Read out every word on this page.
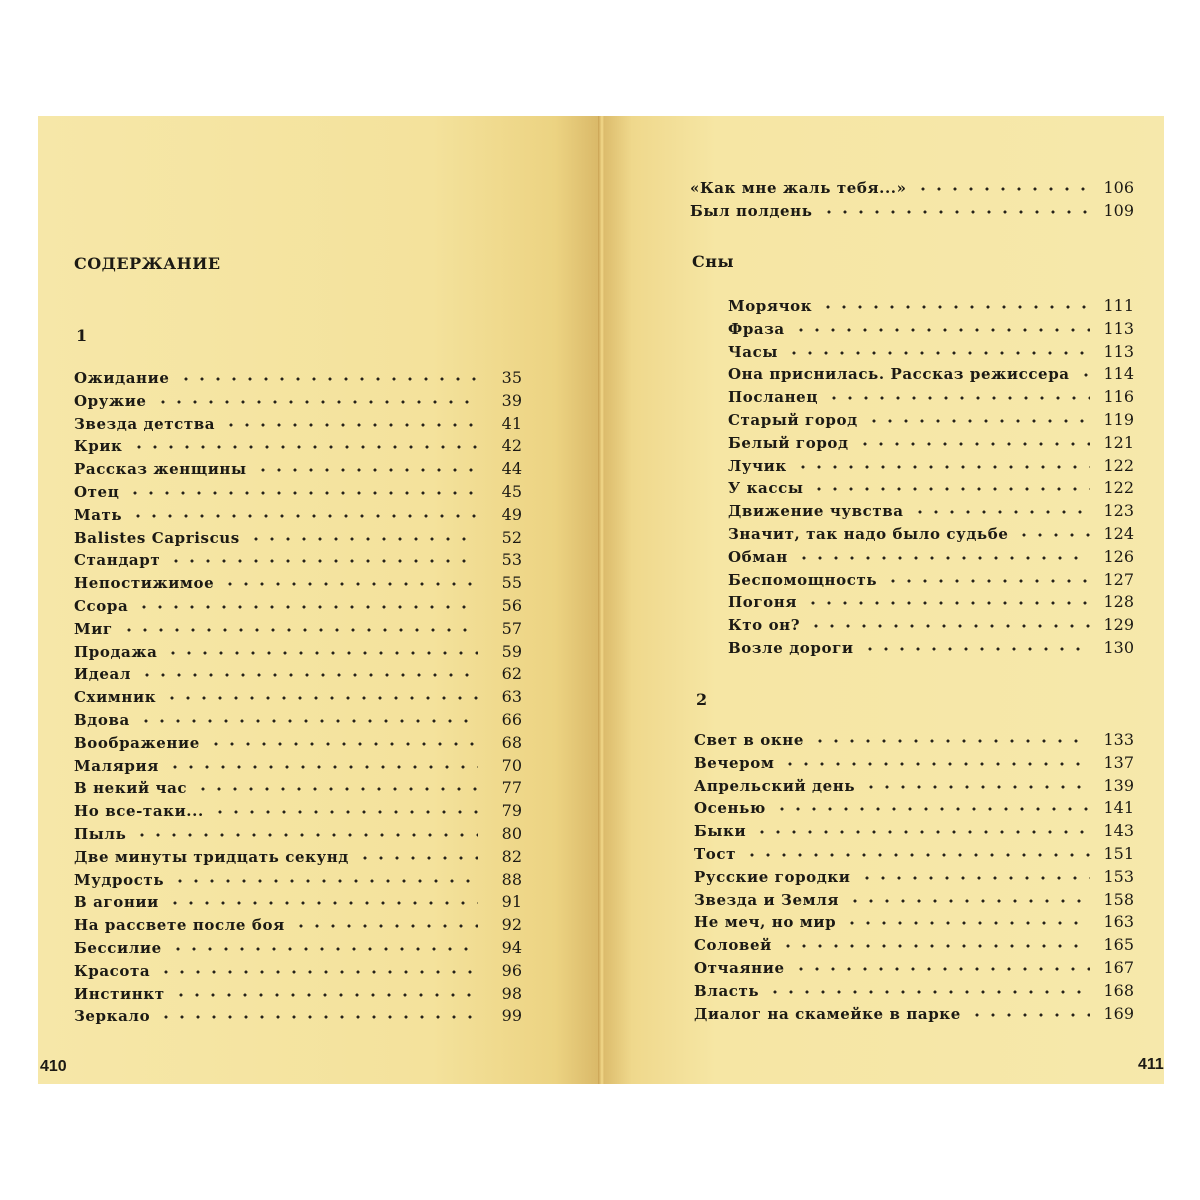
СОДЕРЖАНИЕ
1
Ожидание	35
Оружие	39
Звезда детства	41
Крик	42
Рассказ женщины	44
Отец	45
Мать	49
Balistes Capriscus	52
Стандарт	53
Непостижимое	55
Ссора	56
Миг	57
Продажа	59
Идеал	62
Схимник	63
Вдова	66
Воображение	68
Малярия	70
В некий час	77
Но все-таки...	79
Пыль	80
Две минуты тридцать секунд	82
Мудрость	88
В агонии	91
На рассвете после боя	92
Бессилие	94
Красота	96
Инстинкт	98
Зеркало	99
410
«Как мне жаль тебя...»	106
Был полдень	109
Сны
Морячок	111
Фраза	113
Часы	113
Она приснилась. Рассказ режиссера	114
Посланец	116
Старый город	119
Белый город	121
Лучик	122
У кассы	122
Движение чувства	123
Значит, так надо было судьбе	124
Обман	126
Беспомощность	127
Погоня	128
Кто он?	129
Возле дороги	130
2
Свет в окне	133
Вечером	137
Апрельский день	139
Осенью	141
Быки	143
Тост	151
Русские городки	153
Звезда и Земля	158
Не меч, но мир	163
Соловей	165
Отчаяние	167
Власть	168
Диалог на скамейке в парке	169
411
